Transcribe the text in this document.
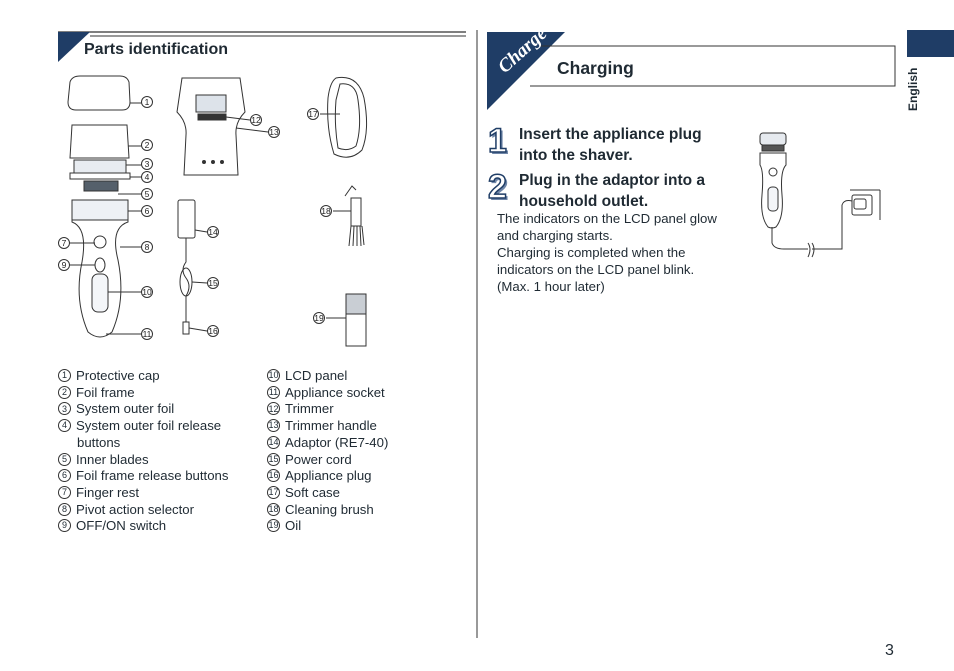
Parts identification	Charge Charging	English
1
2
3
4
5
6
7	8
9
10
11
12
13
14
15
16
17
18
19
1 Protective cap
2 Foil frame
3 System outer foil
4 System outer foil release
buttons
5 Inner blades
6 Foil frame release buttons
7 Finger rest
8 Pivot action selector
9 OFF/ON switch
10 LCD panel
11 Appliance socket
12 Trimmer
13 Trimmer handle
14 Adaptor (RE7-40)
15 Power cord
16 Appliance plug
17 Soft case
18 Cleaning brush
19 Oil
1 Insert the appliance plug
into the shaver.
2 Plug in the adaptor into a
household outlet.
The indicators on the LCD panel glow
and charging starts.
Charging is completed when the
indicators on the LCD panel blink.
(Max. 1 hour later)
3
